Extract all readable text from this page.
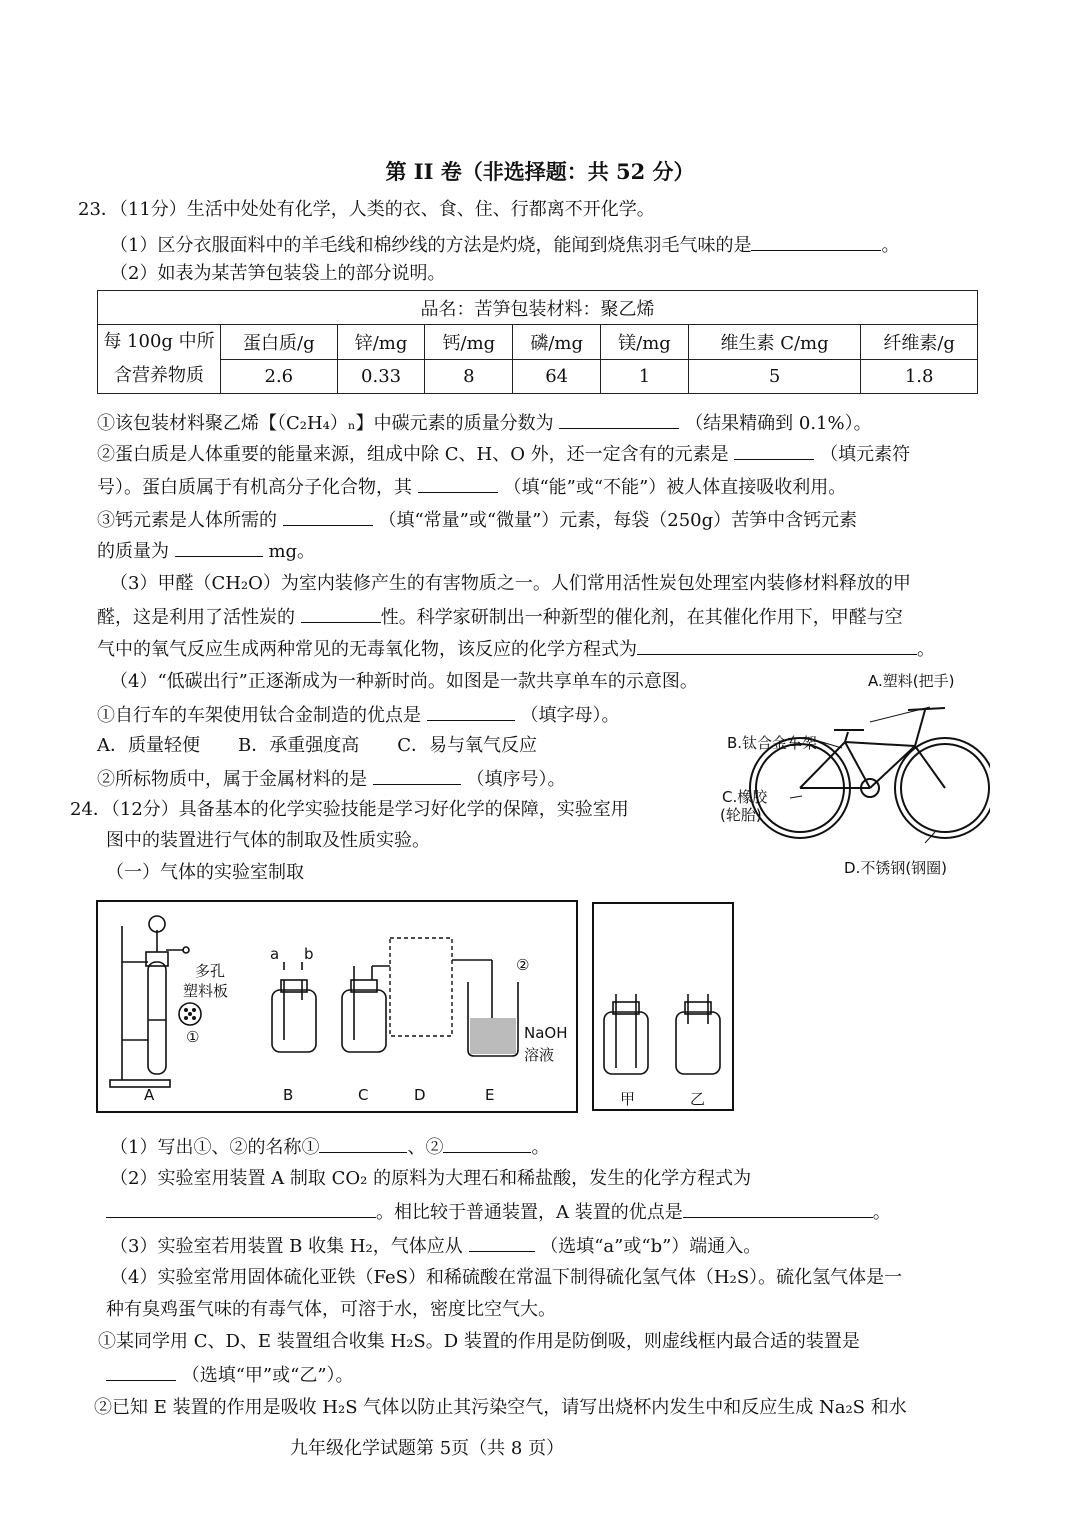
第 II 卷（非选择题：共 52 分）
23．（11分）生活中处处有化学，人类的衣、食、住、行都离不开化学。
（1）区分衣服面料中的羊毛线和棉纱线的方法是灼烧，能闻到烧焦羽毛气味的是	。
（2）如表为某苦笋包装袋上的部分说明。
品名：苦笋包装材料：聚乙烯							
每 100g 中所
含营养物质	蛋白质/g	锌/mg	钙/mg	磷/mg	镁/mg	维生素 C/mg	纤维素/g
	2.6	0.33	8	64	1	5	1.8
①该包装材料聚乙烯【（C₂H₄）ₙ】中碳元素的质量分数为	（结果精确到 0.1%）。
②蛋白质是人体重要的能量来源，组成中除 C、H、O 外，还一定含有的元素是	（填元素符
号）。蛋白质属于有机高分子化合物，其	（填“能”或“不能”）被人体直接吸收利用。
③钙元素是人体所需的	（填“常量”或“微量”）元素，每袋（250g）苦笋中含钙元素
的质量为	mg。
（3）甲醛（CH₂O）为室内装修产生的有害物质之一。人们常用活性炭包处理室内装修材料释放的甲
醛，这是利用了活性炭的	性。科学家研制出一种新型的催化剂，在其催化作用下，甲醛与空
气中的氧气反应生成两种常见的无毒氧化物，该反应的化学方程式为	。
（4）“低碳出行”正逐渐成为一种新时尚。如图是一款共享单车的示意图。
①自行车的车架使用钛合金制造的优点是	（填字母）。
A．质量轻便 B．承重强度高 C．易与氧气反应
②所标物质中，属于金属材料的是	（填序号）。
A.塑料(把手)
B.钛合金车架
C.橡胶
(轮胎)
D.不锈钢(钢圈)
24．（12分）具备基本的化学实验技能是学习好化学的保障，实验室用
图中的装置进行气体的制取及性质实验。
（一）气体的实验室制取
多孔
塑料板
①
a b
②
NaOH
溶液
A	B	C	D	E	甲	乙
（1）写出①、②的名称①	、②	。
（2）实验室用装置 A 制取 CO₂ 的原料为大理石和稀盐酸，发生的化学方程式为
。相比较于普通装置，A 装置的优点是	。
（3）实验室若用装置 B 收集 H₂，气体应从	（选填“a”或“b”）端通入。
（4）实验室常用固体硫化亚铁（FeS）和稀硫酸在常温下制得硫化氢气体（H₂S）。硫化氢气体是一
种有臭鸡蛋气味的有毒气体，可溶于水，密度比空气大。
①某同学用 C、D、E 装置组合收集 H₂S。D 装置的作用是防倒吸，则虚线框内最合适的装置是
（选填“甲”或“乙”）。
②已知 E 装置的作用是吸收 H₂S 气体以防止其污染空气，请写出烧杯内发生中和反应生成 Na₂S 和水
九年级化学试题第 5页（共 8 页）
